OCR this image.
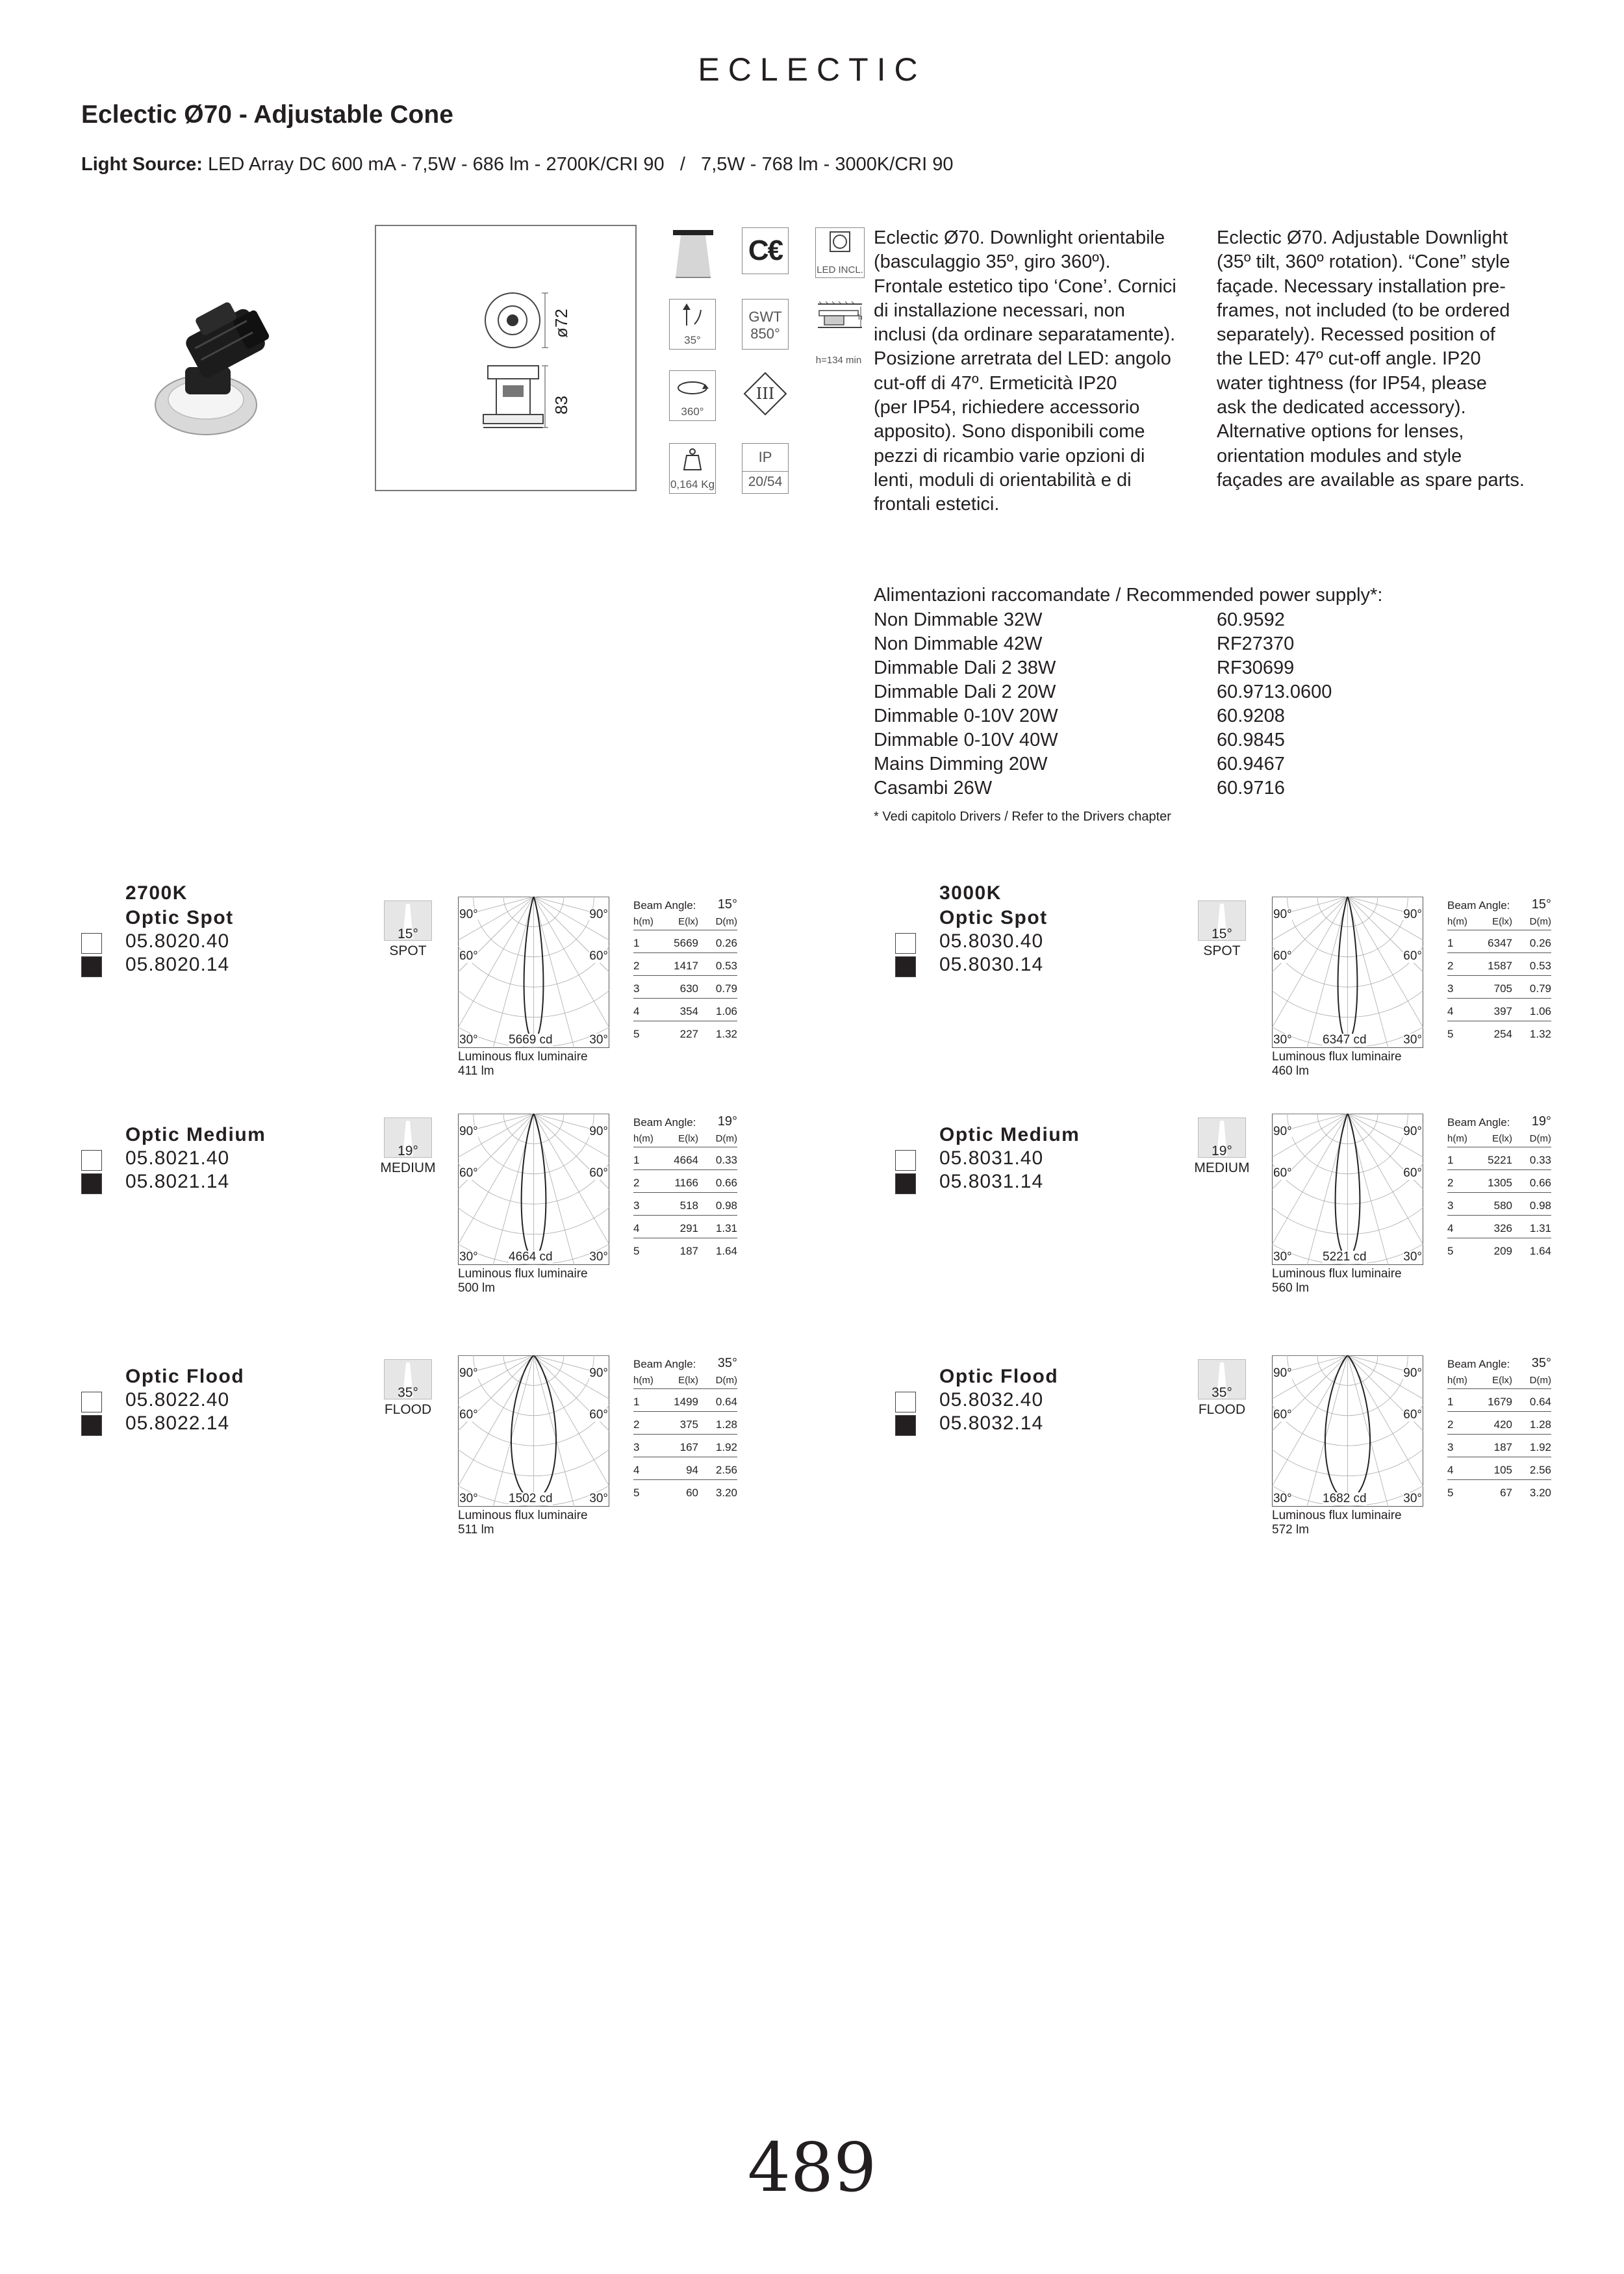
ECLECTIC
Eclectic Ø70 - Adjustable Cone
Light Source: LED Array DC 600 mA - 7,5W - 686 lm - 2700K/CRI 90   /   7,5W - 768 lm - 3000K/CRI 90
ø72
83
35°
360°
0,164 Kg
C€
GWT
850°
III
IP
20/54
LED INCL.
h
h=134 min
Eclectic Ø70. Downlight orientabile
(basculaggio 35º, giro 360º).
Frontale estetico tipo ‘Cone’. Cornici
di installazione necessari, non
inclusi (da ordinare separatamente).
Posizione arretrata del LED: angolo
cut-off di 47º. Ermeticità IP20
(per IP54, richiedere accessorio
apposito). Sono disponibili come
pezzi di ricambio varie opzioni di
lenti, moduli di orientabilità e di
frontali estetici.
Eclectic Ø70. Adjustable Downlight
(35º tilt, 360º rotation). “Cone” style
façade. Necessary installation pre-
frames, not included (to be ordered
separately). Recessed position of
the LED: 47º cut-off angle. IP20
water tightness (for IP54, please
ask the dedicated accessory).
Alternative options for lenses,
orientation modules and style
façades are available as spare parts.
Alimentazioni raccomandate / Recommended power supply*:
Non Dimmable 32W	60.9592
Non Dimmable 42W	RF27370
Dimmable Dali 2 38W	RF30699
Dimmable Dali 2 20W	60.9713.0600
Dimmable 0-10V 20W	60.9208
Dimmable 0-10V 40W	60.9845
Mains Dimming 20W	60.9467
Casambi 26W	60.9716
* Vedi capitolo Drivers / Refer to the Drivers chapter
2700K
Optic Spot
05.8020.40
05.8020.14
15°
SPOT
90°	90°
60°	60°
30°	30°
5669 cd
Luminous flux luminaire
411 lm
Beam Angle: 15°
h(m)	E(lx) D(m)
1	5669 0.26
2	1417 0.53
3	630 0.79
4	354 1.06
5	227 1.32
3000K
Optic Spot
05.8030.40
05.8030.14
15°
SPOT
90°	90°
60°	60°
30°	30°
6347 cd
Luminous flux luminaire
460 lm
Beam Angle: 15°
h(m)	E(lx) D(m)
1	6347 0.26
2	1587 0.53
3	705 0.79
4	397 1.06
5	254 1.32
Optic Medium
05.8021.40
05.8021.14
19°
MEDIUM
90°	90°
60°	60°
30°	30°
4664 cd
Luminous flux luminaire
500 lm
Beam Angle: 19°
h(m)	E(lx) D(m)
1	4664 0.33
2	1166 0.66
3	518 0.98
4	291 1.31
5	187 1.64
Optic Medium
05.8031.40
05.8031.14
19°
MEDIUM
90°	90°
60°	60°
30°	30°
5221 cd
Luminous flux luminaire
560 lm
Beam Angle: 19°
h(m)	E(lx) D(m)
1	5221 0.33
2	1305 0.66
3	580 0.98
4	326 1.31
5	209 1.64
Optic Flood
05.8022.40
05.8022.14
35°
FLOOD
90°	90°
60°	60°
30°	30°
1502 cd
Luminous flux luminaire
511 lm
Beam Angle: 35°
h(m)	E(lx) D(m)
1	1499 0.64
2	375 1.28
3	167 1.92
4	94 2.56
5	60 3.20
Optic Flood
05.8032.40
05.8032.14
35°
FLOOD
90°	90°
60°	60°
30°	30°
1682 cd
Luminous flux luminaire
572 lm
Beam Angle: 35°
h(m)	E(lx) D(m)
1	1679 0.64
2	420 1.28
3	187 1.92
4	105 2.56
5	67 3.20
489
